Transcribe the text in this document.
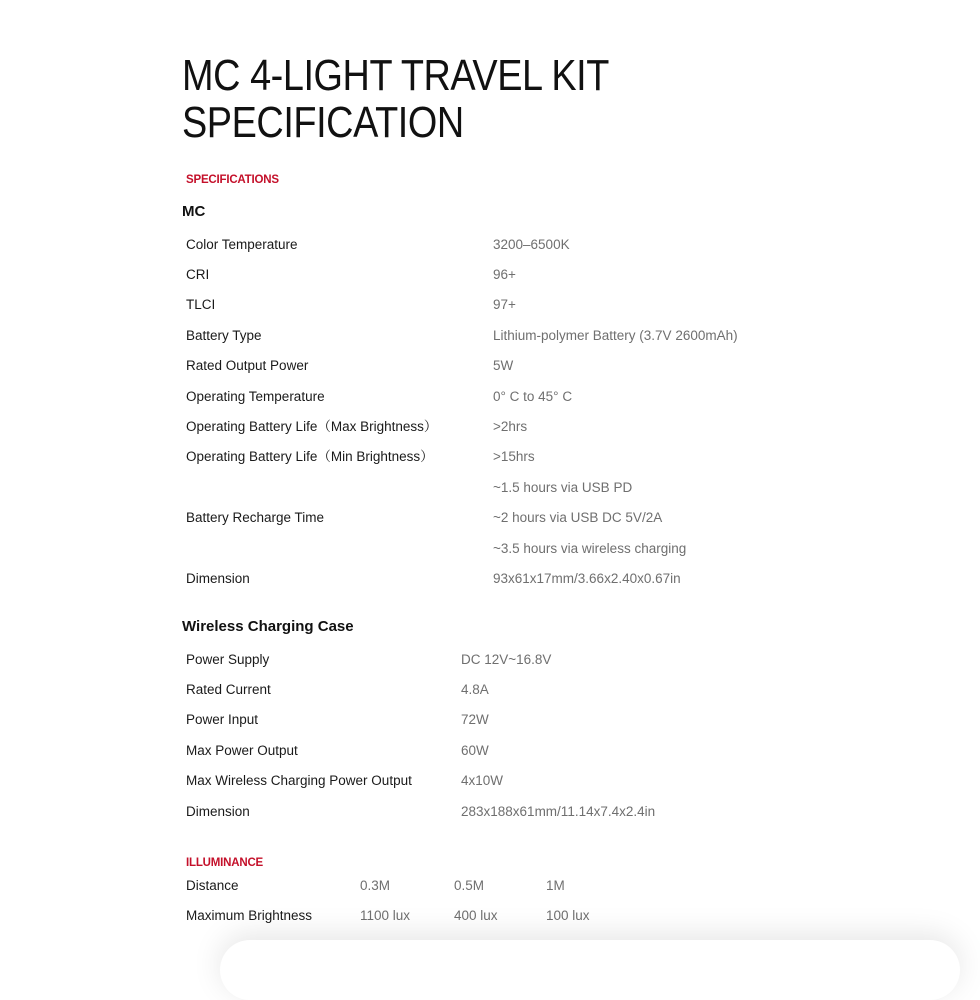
MC 4-LIGHT TRAVEL KIT
SPECIFICATION
SPECIFICATIONS
MC
Color Temperature	3200–6500K
CRI	96+
TLCI	97+
Battery Type	Lithium-polymer Battery (3.7V 2600mAh)
Rated Output Power	5W
Operating Temperature	0° C to 45° C
Operating Battery Life（Max Brightness）	>2hrs
Operating Battery Life（Min Brightness）	>15hrs
~1.5 hours via USB PD
Battery Recharge Time	~2 hours via USB DC 5V/2A
~3.5 hours via wireless charging
Dimension	93x61x17mm/3.66x2.40x0.67in
Wireless Charging Case
Power Supply	DC 12V~16.8V
Rated Current	4.8A
Power Input	72W
Max Power Output	60W
Max Wireless Charging Power Output	4x10W
Dimension	283x188x61mm/11.14x7.4x2.4in
ILLUMINANCE
Distance	0.3M	0.5M	1M
Maximum Brightness	1100 lux	400 lux	100 lux
